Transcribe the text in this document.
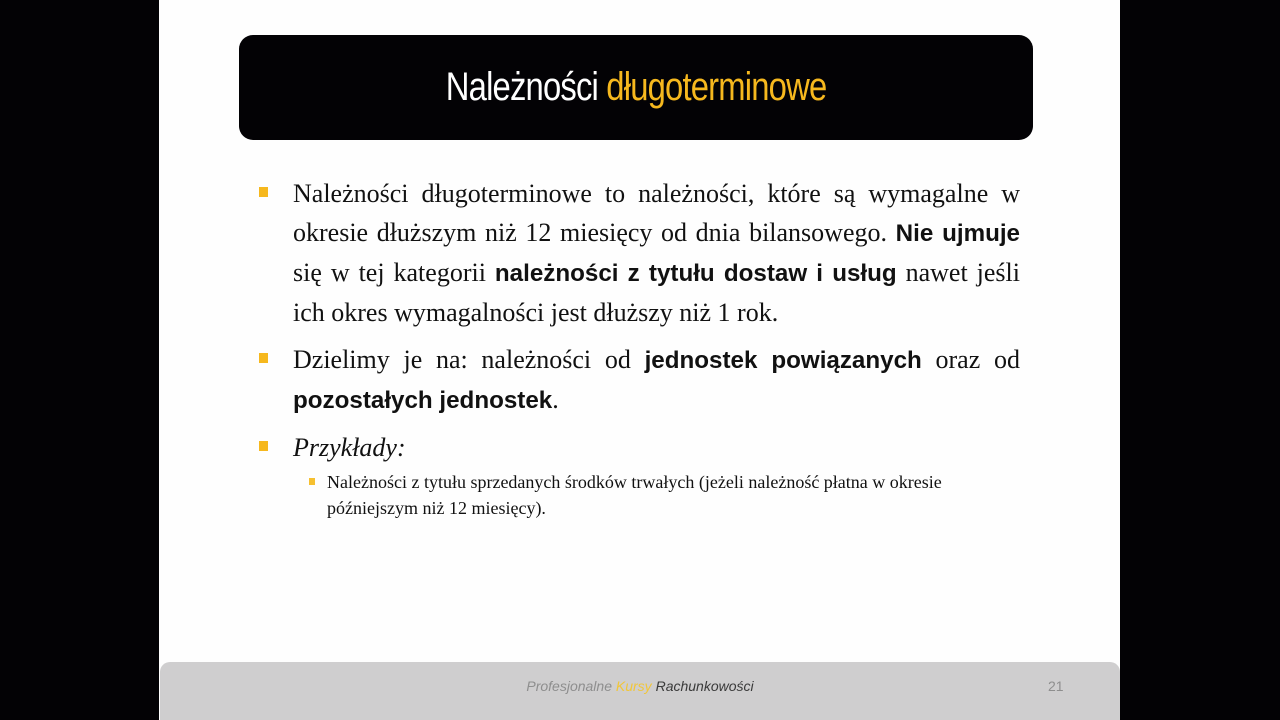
Należności długoterminowe
Należności długoterminowe to należności, które są wymagalne w okresie dłuższym niż 12 miesięcy od dnia bilansowego. Nie ujmuje się w tej kategorii należności z tytułu dostaw i usług nawet jeśli ich okres wymagalności jest dłuższy niż 1 rok.
Dzielimy je na: należności od jednostek powiązanych oraz od pozostałych jednostek.
Przykłady:
Należności z tytułu sprzedanych środków trwałych (jeżeli należność płatna w okresie późniejszym niż 12 miesięcy).
Profesjonalne Kursy Rachunkowości	21
